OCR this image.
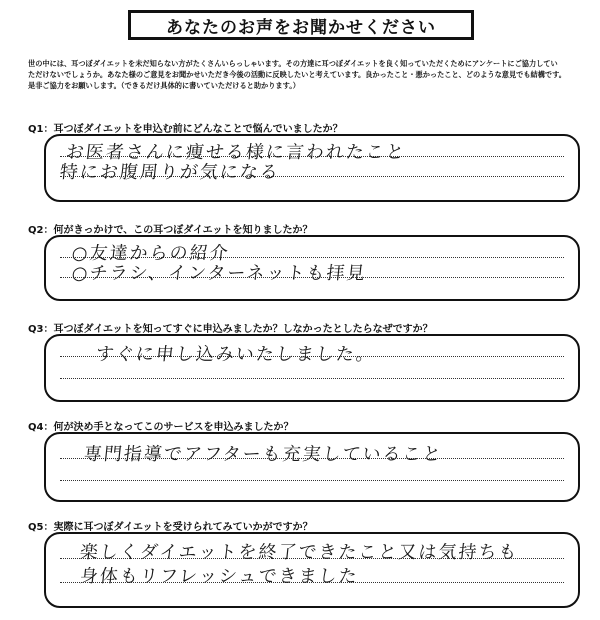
あなたのお声をお聞かせください
世の中には、耳つぼダイエットを未だ知らない方がたくさんいらっしゃいます。その方達に耳つぼダイエットを良く知っていただくためにアンケートにご協力してい
ただけないでしょうか。あなた様のご意見をお聞かせいただき今後の活動に反映したいと考えています。良かったこと・悪かったこと、どのような意見でも結構です。
是非ご協力をお願いします。（できるだけ具体的に書いていただけると助かります。）
Q1：耳つぼダイエットを申込む前にどんなことで悩んでいましたか？
お医者さんに痩せる様に言われたこと
特にお腹周りが気になる
Q2：何がきっかけで、この耳つぼダイエットを知りましたか？
○友達からの紹介
○チラシ、インターネットも拝見
Q3：耳つぼダイエットを知ってすぐに申込みましたか？しなかったとしたらなぜですか？
すぐに申し込みいたしました。
Q4：何が決め手となってこのサービスを申込みましたか？
専門指導でアフターも充実していること
Q5：実際に耳つぼダイエットを受けられてみていかがですか？
楽しくダイエットを終了できたこと又は気持ちも
身体もリフレッシュできました
